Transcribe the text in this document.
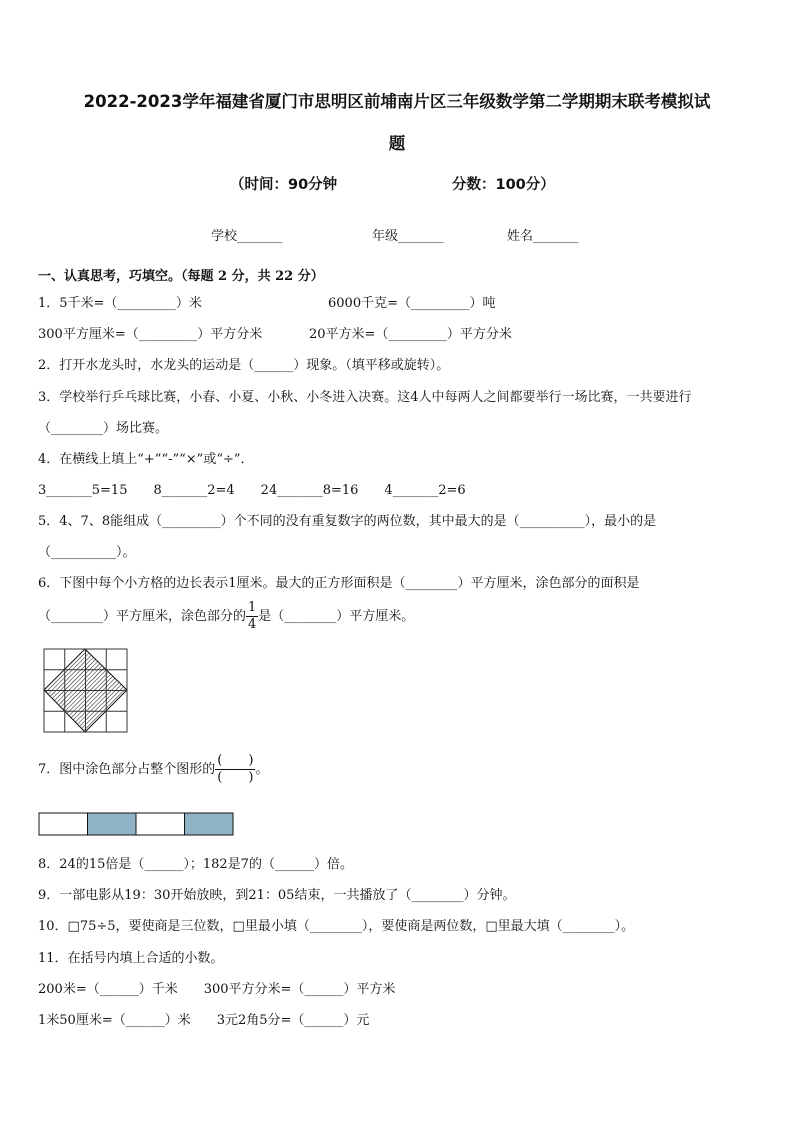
2022-2023学年福建省厦门市思明区前埔南片区三年级数学第二学期期末联考模拟试
题
（时间：90分钟	分数：100分）
学校_______	年级_______	姓名_______
一、认真思考，巧填空。（每题 2 分，共 22 分）
1．5千米=（_________）米	6000千克=（_________）吨
300平方厘米=（_________）平方分米	20平方米=（_________）平方分米
2．打开水龙头时，水龙头的运动是（______）现象。（填平移或旋转）。
3．学校举行乒乓球比赛，小春、小夏、小秋、小冬进入决赛。这4人中每两人之间都要举行一场比赛，一共要进行
（________）场比赛。
4．在横线上填上“+”“-”“×”或“÷”．
3_______5=15　　8_______2=4　　24_______8=16　　4_______2=6
5．4、7、8能组成（_________）个不同的没有重复数字的两位数，其中最大的是（__________），最小的是
（__________）。
6．下图中每个小方格的边长表示1厘米。最大的正方形面积是（________）平方厘米，涂色部分的面积是
（________）平方厘米，涂色部分的 $\frac{1}{4}$ 是（________）平方厘米。
7．图中涂色部分占整个图形的 $\frac{( )}{( )}$ 。
8．24的15倍是（______）；182是7的（______）倍。
9．一部电影从19：30开始放映，到21：05结束，一共播放了（________）分钟。
10．□75÷5，要使商是三位数，□里最小填（________），要使商是两位数，□里最大填（________）。
11．在括号内填上合适的小数。
200米=（______）千米　　300平方分米=（______）平方米
1米50厘米=（______）米　　3元2角5分=（______）元
